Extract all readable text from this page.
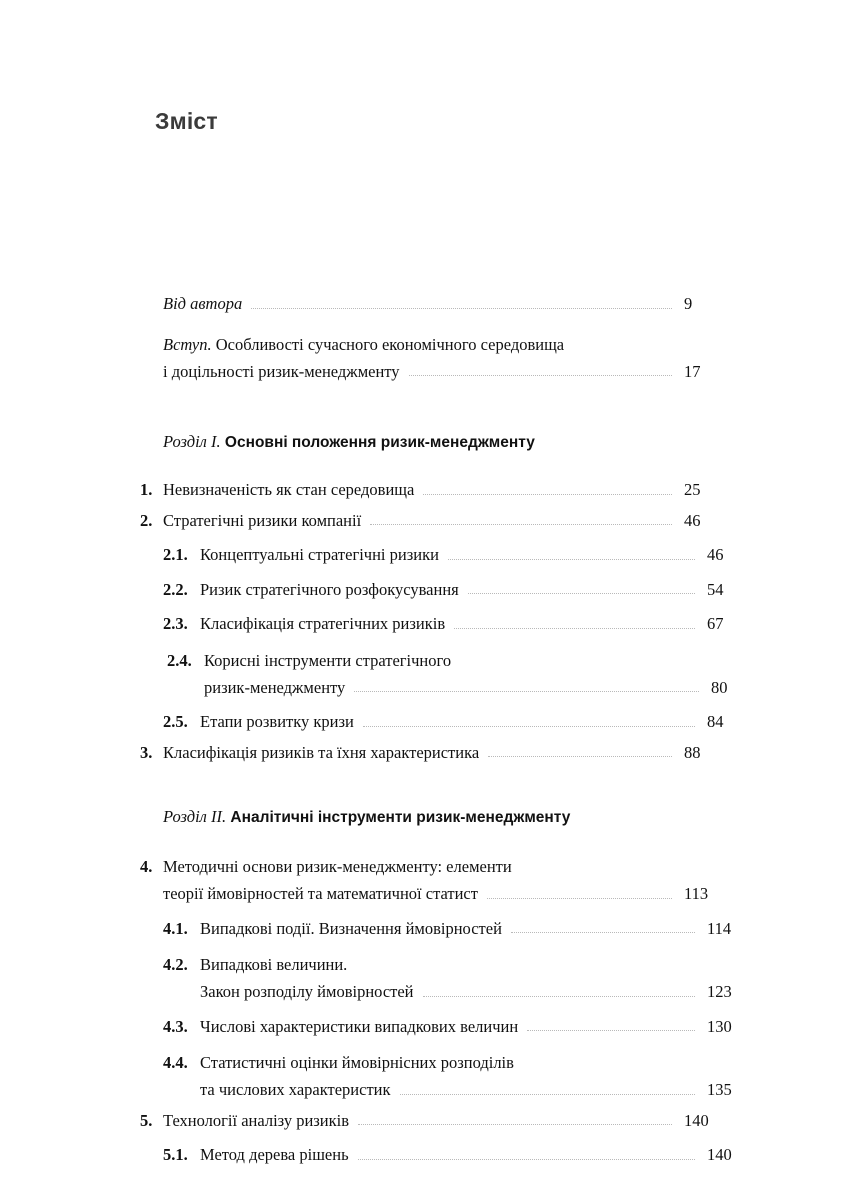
Зміст
Від автора	9
Вступ. Особливості сучасного економічного середовища
і доцільності ризик-менеджменту	17
Розділ I. Основні положення ризик-менеджменту
1. Невизначеність як стан середовища	25
2. Стратегічні ризики компанії	46
2.1. Концептуальні стратегічні ризики	46
2.2. Ризик стратегічного розфокусування	54
2.3. Класифікація стратегічних ризиків	67
2.4. Корисні інструменти стратегічного
ризик-менеджменту	80
2.5. Етапи розвитку кризи	84
3. Класифікація ризиків та їхня характеристика	88
Розділ II. Аналітичні інструменти ризик-менеджменту
4. Методичні основи ризик-менеджменту: елементи
теорії ймовірностей та математичної статист	113
4.1. Випадкові події. Визначення ймовірностей	114
4.2. Випадкові величини.
Закон розподілу ймовірностей	123
4.3. Числові характеристики випадкових величин	130
4.4. Статистичні оцінки ймовірнісних розподілів
та числових характеристик	135
5. Технології аналізу ризиків	140
5.1. Метод дерева рішень	140
